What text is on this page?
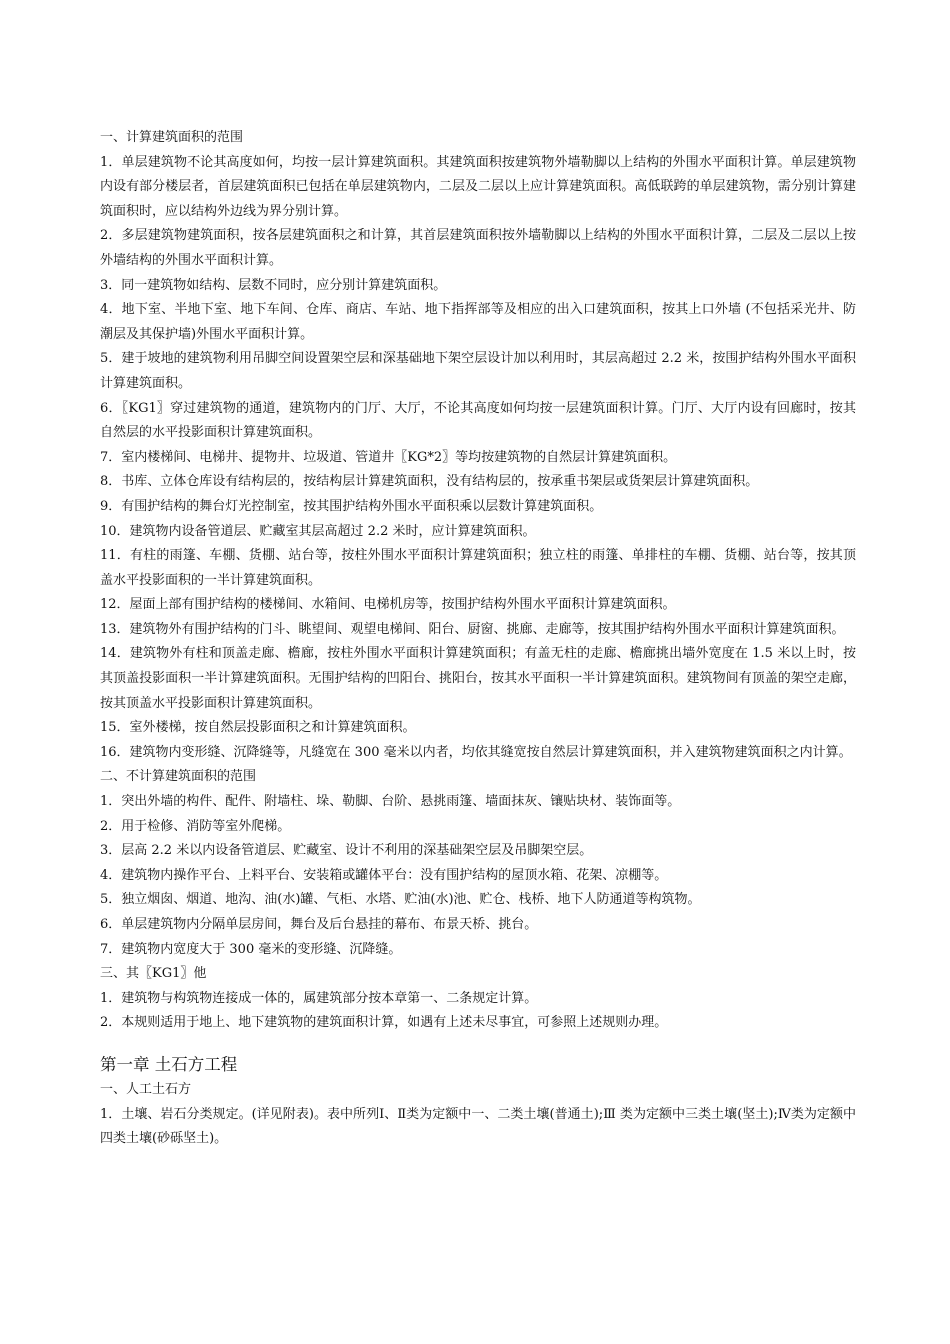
一、计算建筑面积的范围

1．单层建筑物不论其高度如何，均按一层计算建筑面积。其建筑面积按建筑物外墙勒脚以上结构的外围水平面积计算。单层建筑物内设有部分楼层者，首层建筑面积已包括在单层建筑物内，二层及二层以上应计算建筑面积。高低联跨的单层建筑物，需分别计算建筑面积时，应以结构外边线为界分别计算。

2．多层建筑物建筑面积，按各层建筑面积之和计算，其首层建筑面积按外墙勒脚以上结构的外围水平面积计算，二层及二层以上按外墙结构的外围水平面积计算。

3．同一建筑物如结构、层数不同时，应分别计算建筑面积。

4．地下室、半地下室、地下车间、仓库、商店、车站、地下指挥部等及相应的出入口建筑面积，按其上口外墙 (不包括采光井、防潮层及其保护墙)外围水平面积计算。

5．建于坡地的建筑物利用吊脚空间设置架空层和深基础地下架空层设计加以利用时，其层高超过 2.2 米，按围护结构外围水平面积计算建筑面积。

6．〖KG1〗穿过建筑物的通道，建筑物内的门厅、大厅，不论其高度如何均按一层建筑面积计算。门厅、大厅内设有回廊时，按其自然层的水平投影面积计算建筑面积。

7．室内楼梯间、电梯井、提物井、垃圾道、管道井〖KG*2〗等均按建筑物的自然层计算建筑面积。

8．书库、立体仓库设有结构层的，按结构层计算建筑面积，没有结构层的，按承重书架层或货架层计算建筑面积。

9．有围护结构的舞台灯光控制室，按其围护结构外围水平面积乘以层数计算建筑面积。

10．建筑物内设备管道层、贮藏室其层高超过 2.2 米时，应计算建筑面积。

11．有柱的雨篷、车棚、货棚、站台等，按柱外围水平面积计算建筑面积；独立柱的雨篷、单排柱的车棚、货棚、站台等，按其顶盖水平投影面积的一半计算建筑面积。

12．屋面上部有围护结构的楼梯间、水箱间、电梯机房等，按围护结构外围水平面积计算建筑面积。

13．建筑物外有围护结构的门斗、眺望间、观望电梯间、阳台、厨窗、挑廊、走廊等，按其围护结构外围水平面积计算建筑面积。

14．建筑物外有柱和顶盖走廊、檐廊，按柱外围水平面积计算建筑面积；有盖无柱的走廊、檐廊挑出墙外宽度在 1.5 米以上时，按其顶盖投影面积一半计算建筑面积。无围护结构的凹阳台、挑阳台，按其水平面积一半计算建筑面积。建筑物间有顶盖的架空走廊，按其顶盖水平投影面积计算建筑面积。

15．室外楼梯，按自然层投影面积之和计算建筑面积。

16．建筑物内变形缝、沉降缝等，凡缝宽在 300 毫米以内者，均依其缝宽按自然层计算建筑面积，并入建筑物建筑面积之内计算。

二、不计算建筑面积的范围

1．突出外墙的构件、配件、附墙柱、垛、勒脚、台阶、悬挑雨篷、墙面抹灰、镶贴块材、装饰面等。

2．用于检修、消防等室外爬梯。

3．层高 2.2 米以内设备管道层、贮藏室、设计不利用的深基础架空层及吊脚架空层。

4．建筑物内操作平台、上料平台、安装箱或罐体平台：没有围护结构的屋顶水箱、花架、凉棚等。

5．独立烟囱、烟道、地沟、油(水)罐、气柜、水塔、贮油(水)池、贮仓、栈桥、地下人防通道等构筑物。

6．单层建筑物内分隔单层房间，舞台及后台悬挂的幕布、布景天桥、挑台。

7．建筑物内宽度大于 300 毫米的变形缝、沉降缝。

三、其〖KG1〗他

1．建筑物与构筑物连接成一体的，属建筑部分按本章第一、二条规定计算。

2．本规则适用于地上、地下建筑物的建筑面积计算，如遇有上述未尽事宜，可参照上述规则办理。

第一章 土石方工程

一、人工土石方

1．土壤、岩石分类规定。(详见附表)。表中所列Ⅰ、Ⅱ类为定额中一、二类土壤(普通土);Ⅲ 类为定额中三类土壤(坚土);Ⅳ类为定额中四类土壤(砂砾坚土)。
